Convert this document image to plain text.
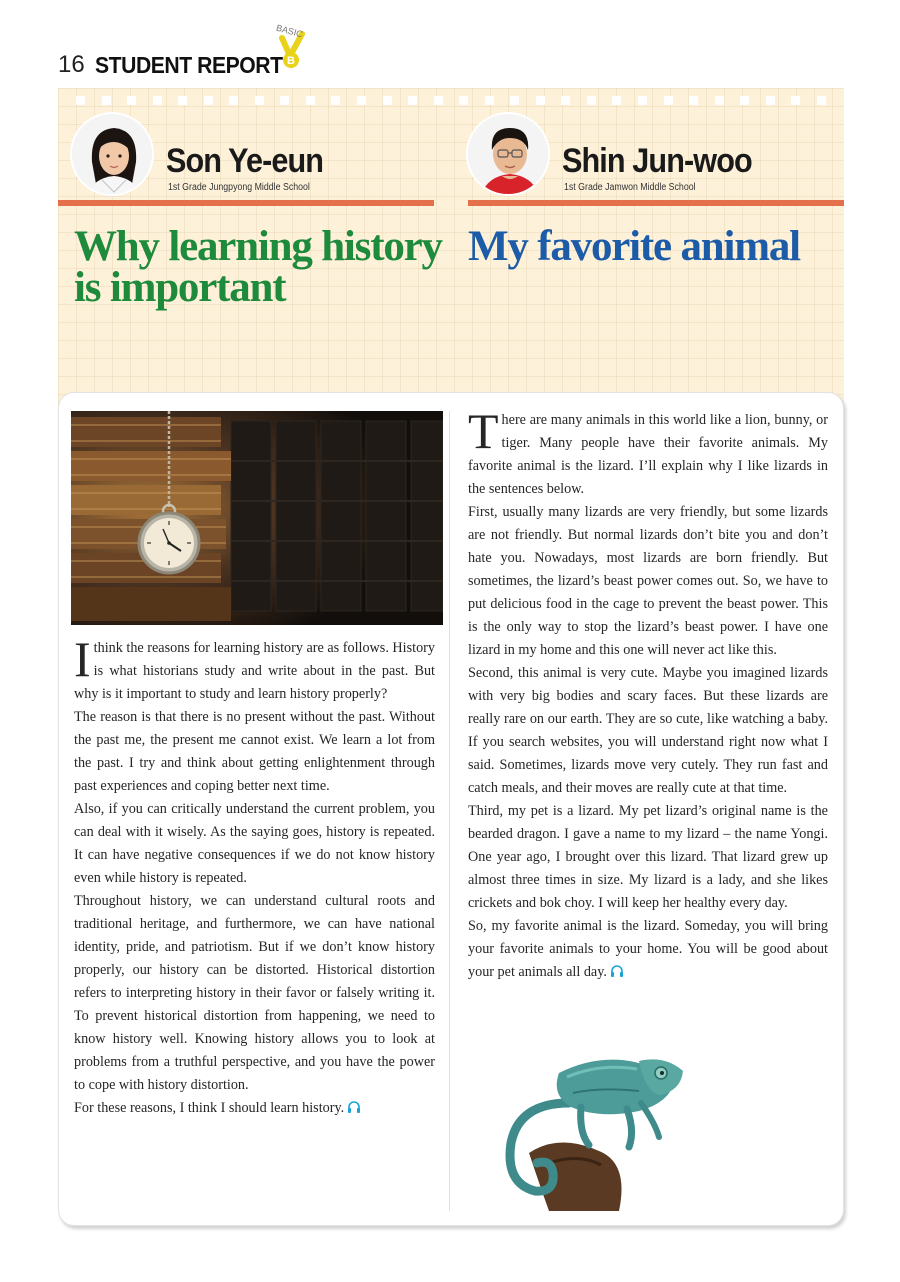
16 STUDENT REPORT
BASIC
B
Son Ye-eun
1st Grade Jungpyong Middle School
Shin Jun-woo
1st Grade Jamwon Middle School
Why learning history is important
My favorite animal

I think the reasons for learning history are as follows. History is what historians study and write about in the past. But why is it important to study and learn history properly?

The reason is that there is no present without the past. Without the past me, the present me cannot exist. We learn a lot from the past. I try and think about getting enlightenment through past experiences and coping better next time.

Also, if you can critically understand the current problem, you can deal with it wisely. As the saying goes, history is repeated. It can have negative consequences if we do not know history even while history is repeated.

Throughout history, we can understand cultural roots and traditional heritage, and furthermore, we can have national identity, pride, and patriotism. But if we don’t know history properly, our history can be distorted. Historical distortion refers to interpreting history in their favor or falsely writing it. To prevent historical distortion from happening, we need to know history well. Knowing history allows you to look at problems from a truthful perspective, and you have the power to cope with history distortion.

For these reasons, I think I should learn history.

There are many animals in this world like a lion, bunny, or tiger. Many people have their favorite animals. My favorite animal is the lizard. I’ll explain why I like lizards in the sentences below.

First, usually many lizards are very friendly, but some lizards are not friendly. But normal lizards don’t bite you and don’t hate you. Nowadays, most lizards are born friendly. But sometimes, the lizard’s beast power comes out. So, we have to put delicious food in the cage to prevent the beast power. This is the only way to stop the lizard’s beast power. I have one lizard in my home and this one will never act like this.

Second, this animal is very cute. Maybe you imagined lizards with very big bodies and scary faces. But these lizards are really rare on our earth. They are so cute, like watching a baby. If you search websites, you will understand right now what I said. Sometimes, lizards move very cutely. They run fast and catch meals, and their moves are really cute at that time.

Third, my pet is a lizard. My pet lizard’s original name is the bearded dragon. I gave a name to my lizard – the name Yongi. One year ago, I brought over this lizard. That lizard grew up almost three times in size. My lizard is a lady, and she likes crickets and bok choy. I will keep her healthy every day.

So, my favorite animal is the lizard. Someday, you will bring your favorite animals to your home. You will be good about your pet animals all day.
